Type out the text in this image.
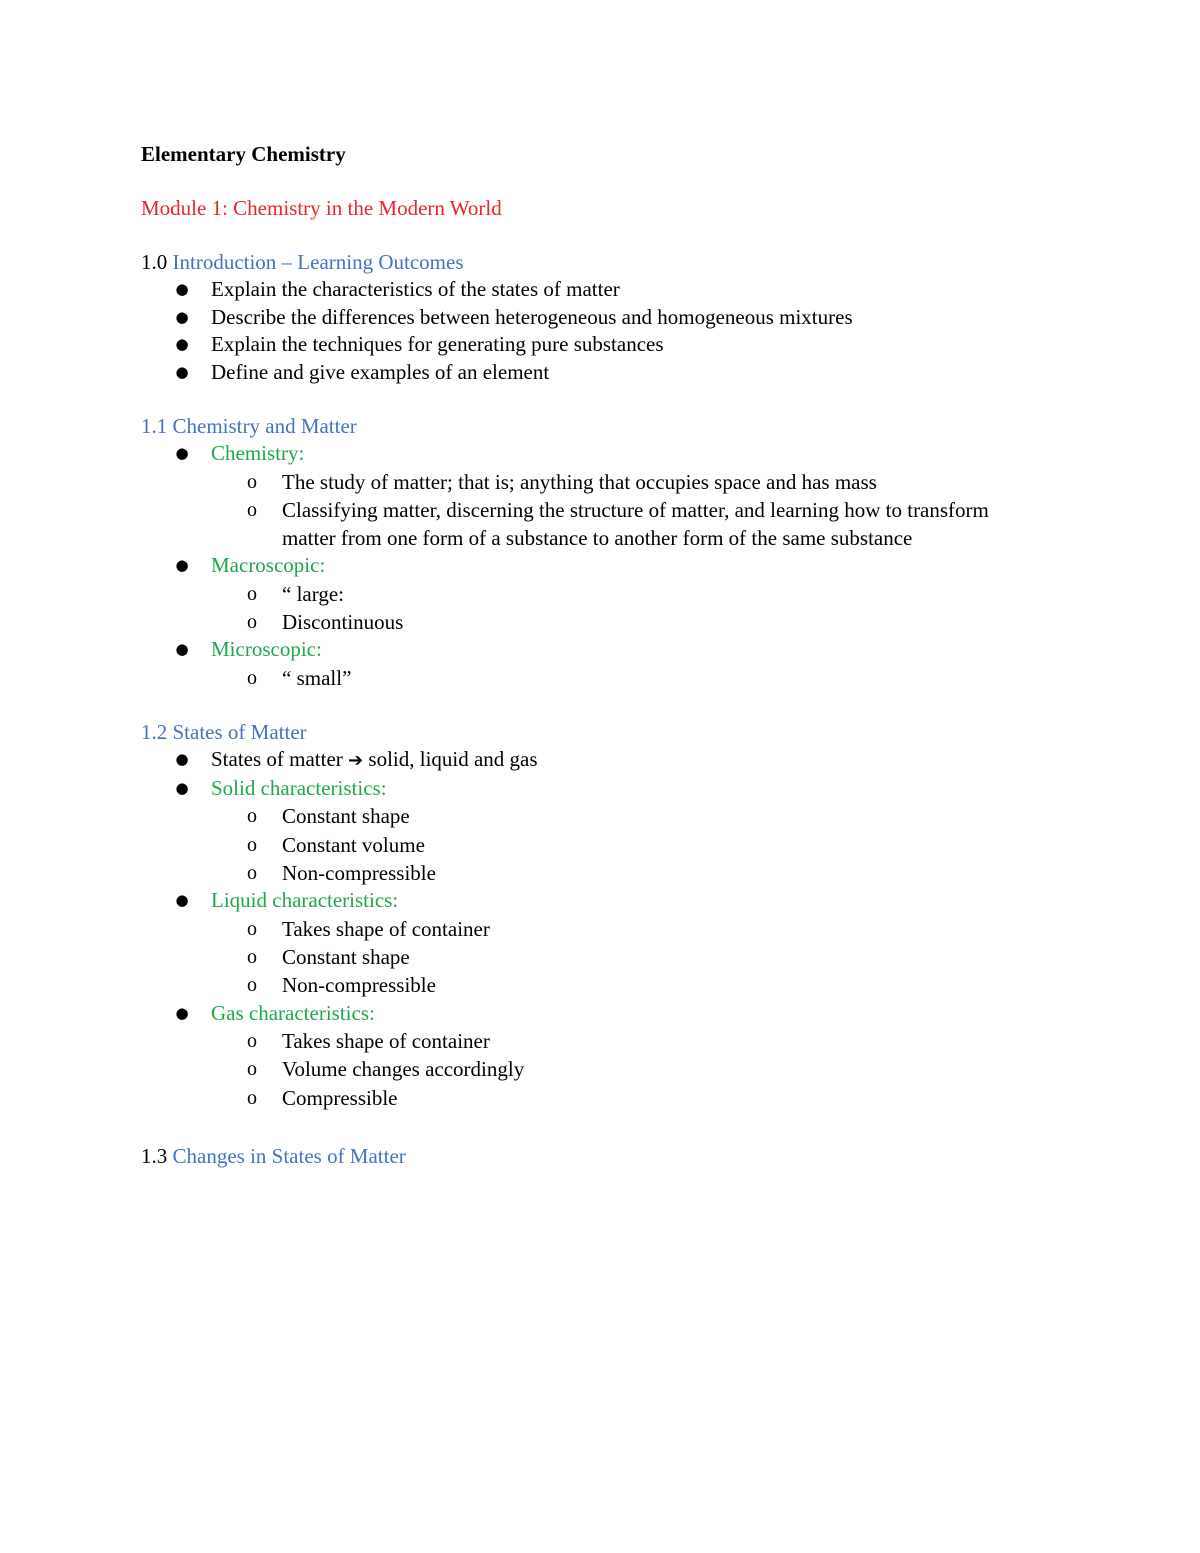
Elementary Chemistry

Module 1: Chemistry in the Modern World

1.0 Introduction – Learning Outcomes

● Explain the characteristics of the states of matter
● Describe the differences between heterogeneous and homogeneous mixtures
● Explain the techniques for generating pure substances
● Define and give examples of an element

1.1 Chemistry and Matter

● Chemistry:
o The study of matter; that is; anything that occupies space and has mass
o Classifying matter, discerning the structure of matter, and learning how to transform matter from one form of a substance to another form of the same substance
● Macroscopic:
o “ large:
o Discontinuous
● Microscopic:
o “ small”

1.2 States of Matter

● States of matter ➔ solid, liquid and gas
● Solid characteristics:
o Constant shape
o Constant volume
o Non-compressible
● Liquid characteristics:
o Takes shape of container
o Constant shape
o Non-compressible
● Gas characteristics:
o Takes shape of container
o Volume changes accordingly
o Compressible

1.3 Changes in States of Matter
